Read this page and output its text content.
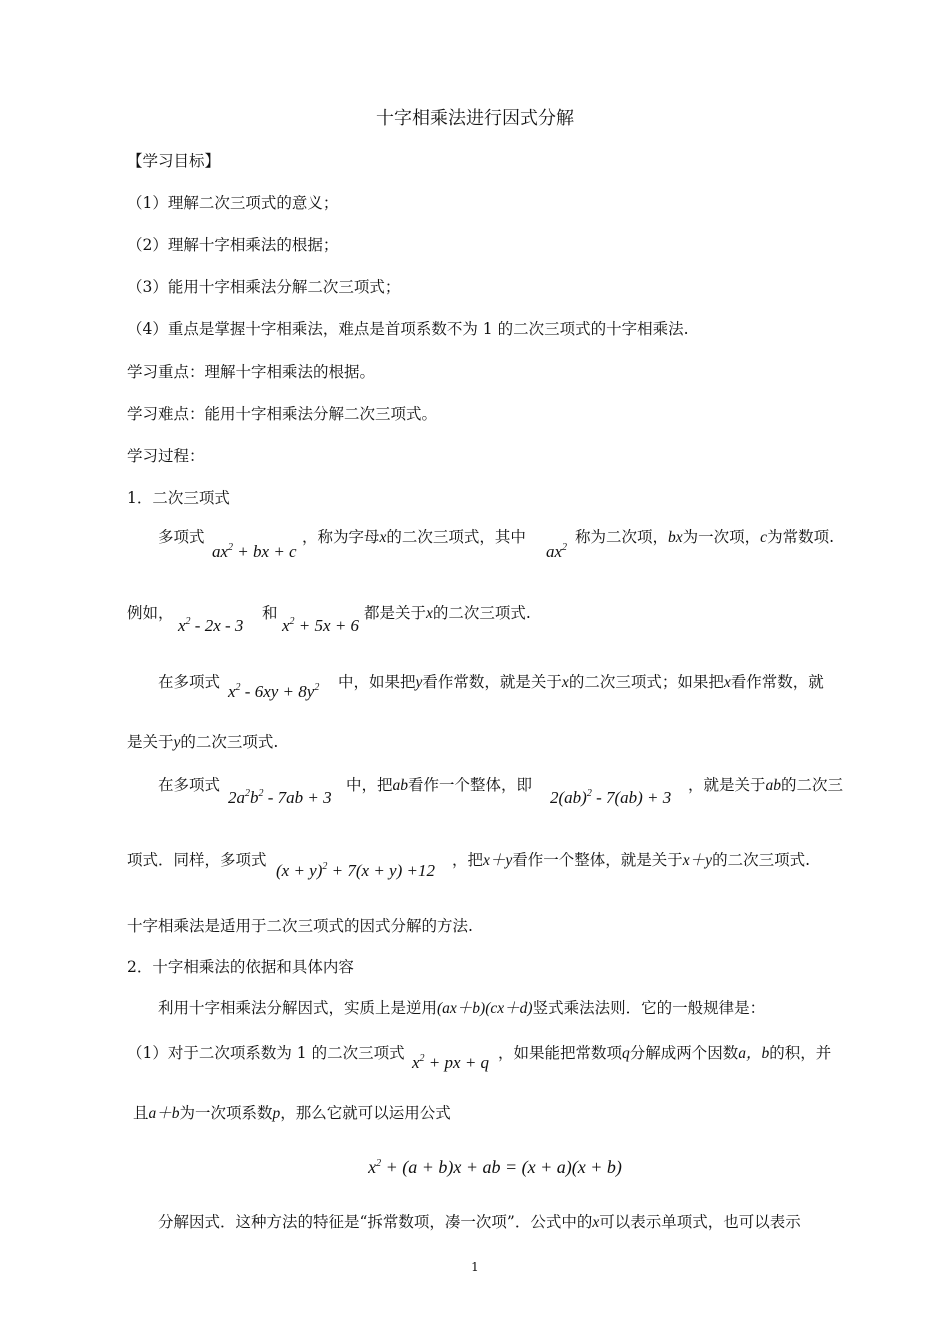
十字相乘法进行因式分解
【学习目标】
（1）理解二次三项式的意义；
（2）理解十字相乘法的根据；
（3）能用十字相乘法分解二次三项式；
（4）重点是掌握十字相乘法，难点是首项系数不为 1 的二次三项式的十字相乘法.
学习重点：理解十字相乘法的根据。
学习难点：能用十字相乘法分解二次三项式。
学习过程：
1．二次三项式
多项式
$ax^2$ + bx + c
，称为字母x的二次三项式，其中
$ax^2$
称为二次项，bx为一次项，c为常数项.
例如，
$x^2 - 2x - 3$
和
$x^2 + 5x + 6$
都是关于x的二次三项式.
在多项式 $x^2 - 6xy + 8y^2$ 中，如果把y看作常数，就是关于x的二次三项式；如果把x看作常数，就
是关于y的二次三项式.
在多项式
$2a^2b^2 - 7ab + 3$
中，把ab看作一个整体，即
2(ab)$^2$ - 7(ab) + 3
，就是关于ab的二次三
项式．同样，多项式
$(x + y)^2 + 7(x + y) +12$
，把x＋y看作一个整体，就是关于x＋y的二次三项式.
十字相乘法是适用于二次三项式的因式分解的方法.
2．十字相乘法的依据和具体内容
利用十字相乘法分解因式，实质上是逆用(ax＋b)(cx＋d)竖式乘法法则．它的一般规律是：
（1）对于二次项系数为 1 的二次三项式 $x^2$ + px + q ，如果能把常数项q分解成两个因数a，b的积，并
且a＋b为一次项系数p，那么它就可以运用公式
$x^2 + (a + b)x$ + ab = (x + a)(x + b)
分解因式．这种方法的特征是“拆常数项，凑一次项”．公式中的x可以表示单项式，也可以表示
1
